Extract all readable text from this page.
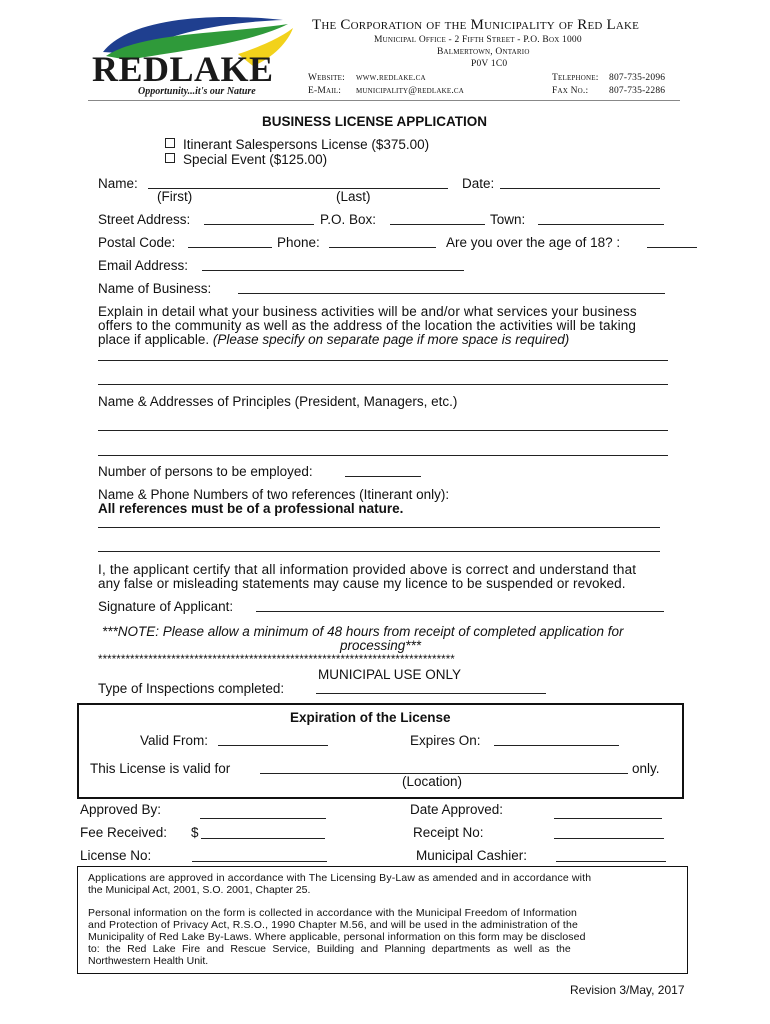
REDLAKE
Opportunity...it's our Nature
The Corporation of the Municipality of Red Lake
Municipal Office - 2 Fifth Street - P.O. Box 1000
Balmertown, Ontario
P0V 1C0
Website: www.redlake.ca
E-Mail: municipality@redlake.ca
Telephone: 807-735-2096
Fax No.: 807-735-2286
BUSINESS LICENSE APPLICATION
Itinerant Salespersons License ($375.00)
Special Event ($125.00)
Name:
(First)	(Last)
Date:
Street Address:	P.O. Box:	Town:
Postal Code:	Phone:	Are you over the age of 18? :
Email Address:
Name of Business:
Explain in detail what your business activities will be and/or what services your business
offers to the community as well as the address of the location the activities will be taking
place if applicable. (Please specify on separate page if more space is required)
Name & Addresses of Principles (President, Managers, etc.)
Number of persons to be employed:
Name & Phone Numbers of two references (Itinerant only):
All references must be of a professional nature.
I, the applicant certify that all information provided above is correct and understand that
any false or misleading statements may cause my licence to be suspended or revoked.
Signature of Applicant:
***NOTE: Please allow a minimum of 48 hours from receipt of completed application for
processing***
******************************************************************************
MUNICIPAL USE ONLY
Type of Inspections completed:
Expiration of the License
Valid From:	Expires On:
This License is valid for	only.
(Location)
Approved By:	Date Approved:
Fee Received: $	Receipt No:
License No:	Municipal Cashier:
Applications are approved in accordance with The Licensing By-Law as amended and in accordance with
the Municipal Act, 2001, S.O. 2001, Chapter 25.
Personal information on the form is collected in accordance with the Municipal Freedom of Information
and Protection of Privacy Act, R.S.O., 1990 Chapter M.56, and will be used in the administration of the
Municipality of Red Lake By-Laws. Where applicable, personal information on this form may be disclosed
to: the Red Lake Fire and Rescue Service, Building and Planning departments as well as the
Northwestern Health Unit.
Revision 3/May, 2017
